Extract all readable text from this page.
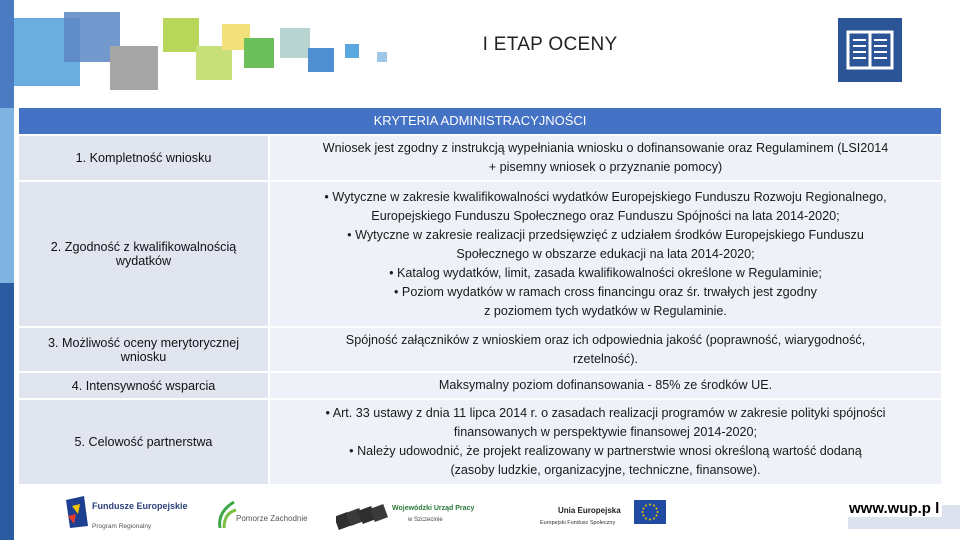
I ETAP OCENY
KRYTERIA ADMINISTRACYJNOŚCI
1. Kompletność wniosku
Wniosek jest zgodny z instrukcją wypełniania wniosku o dofinansowanie oraz Regulaminem (LSI2014
+ pisemny wniosek o przyznanie pomocy)
2. Zgodność z kwalifikowalnością wydatków
• Wytyczne w zakresie kwalifikowalności wydatków Europejskiego Funduszu Rozwoju Regionalnego,
Europejskiego Funduszu Społecznego oraz Funduszu Spójności na lata 2014-2020;
• Wytyczne w zakresie realizacji przedsięwzięć z udziałem środków Europejskiego Funduszu
Społecznego w obszarze edukacji na lata 2014-2020;
• Katalog wydatków, limit, zasada kwalifikowalności określone w Regulaminie;
• Poziom wydatków w ramach cross financingu oraz śr. trwałych jest zgodny
z poziomem tych wydatków w Regulaminie.
3. Możliwość oceny merytorycznej wniosku
Spójność załączników z wnioskiem oraz ich odpowiednia jakość (poprawność, wiarygodność,
rzetelność).
4. Intensywność wsparcia	Maksymalny poziom dofinansowania - 85% ze środków UE.
5. Celowość partnerstwa
• Art. 33 ustawy z dnia 11 lipca 2014 r. o zasadach realizacji programów w zakresie polityki spójności
finansowanych w perspektywie finansowej 2014-2020;
• Należy udowodnić, że projekt realizowany w partnerstwie wnosi określoną wartość dodaną
(zasoby ludzkie, organizacyjne, techniczne, finansowe).
Fundusze Europejskie
Program Regionalny
Pomorze Zachodnie
Wojewódzki Urząd Pracy
w Szczecinie
Unia Europejska
Europejski Fundusz Społeczny
www.wup.p l
